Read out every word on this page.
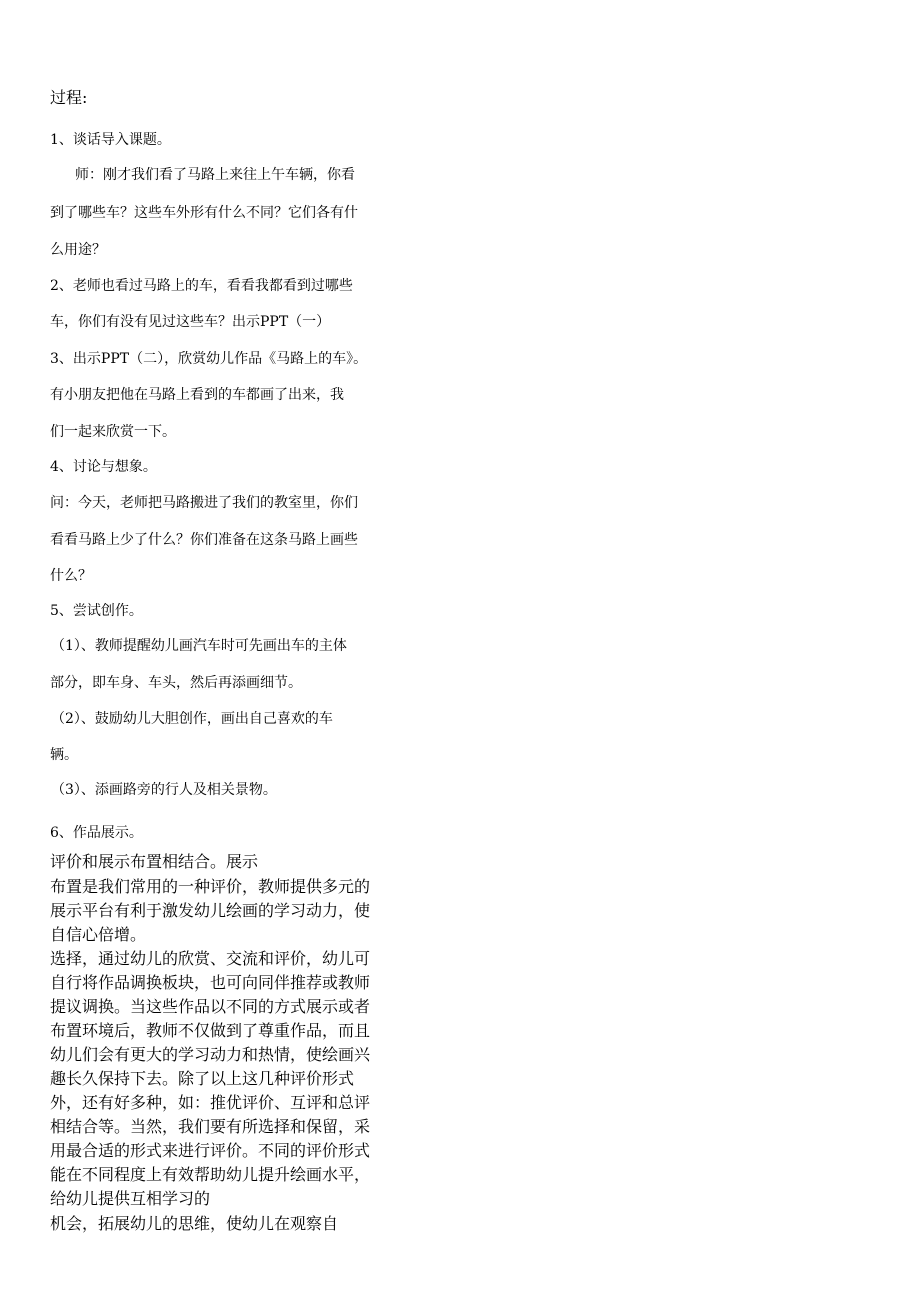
过程:
1、谈话导入课题。
师：刚才我们看了马路上来往上午车辆，你看
到了哪些车？这些车外形有什么不同？它们各有什
么用途？
2、老师也看过马路上的车，看看我都看到过哪些
车，你们有没有见过这些车？出示PPT（一）
3、出示PPT（二），欣赏幼儿作品《马路上的车》。
有小朋友把他在马路上看到的车都画了出来，我
们一起来欣赏一下。
4、讨论与想象。
问：今天，老师把马路搬进了我们的教室里，你们
看看马路上少了什么？你们准备在这条马路上画些
什么？
5、尝试创作。
（1）、教师提醒幼儿画汽车时可先画出车的主体
部分，即车身、车头，然后再添画细节。
（2）、鼓励幼儿大胆创作，画出自己喜欢的车
辆。
（3）、添画路旁的行人及相关景物。
6、作品展示。
评价和展示布置相结合。展示
布置是我们常用的一种评价，教师提供多元的
展示平台有利于激发幼儿绘画的学习动力，使
自信心倍增。
选择，通过幼儿的欣赏、交流和评价，幼儿可
自行将作品调换板块，也可向同伴推荐或教师
提议调换。当这些作品以不同的方式展示或者
布置环境后，教师不仅做到了尊重作品，而且
幼儿们会有更大的学习动力和热情，使绘画兴
趣长久保持下去。除了以上这几种评价形式
外，还有好多种，如：推优评价、互评和总评
相结合等。当然，我们要有所选择和保留，采
用最合适的形式来进行评价。不同的评价形式
能在不同程度上有效帮助幼儿提升绘画水平，
给幼儿提供互相学习的
机会，拓展幼儿的思维，使幼儿在观察自
